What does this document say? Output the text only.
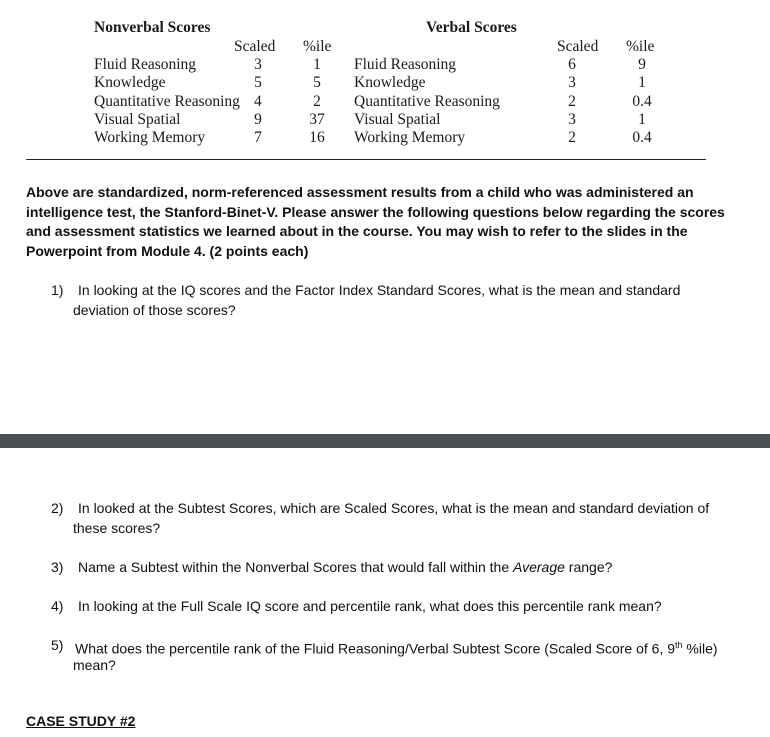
Nonverbal Scores	Verbal Scores
Scaled %ile	Scaled %ile
Fluid Reasoning	3	1
Knowledge	5	5
Quantitative Reasoning 4	2
Visual Spatial	9	37
Working Memory	7	16
Fluid Reasoning	6	9
Knowledge	3	1
Quantitative Reasoning	2	0.4
Visual Spatial	3	1
Working Memory	2	0.4
Above are standardized, norm-referenced assessment results from a child who was administered an
intelligence test, the Stanford-Binet-V. Please answer the following questions below regarding the scores
and assessment statistics we learned about in the course. You may wish to refer to the slides in the
Powerpoint from Module 4. (2 points each)
1) In looking at the IQ scores and the Factor Index Standard Scores, what is the mean and standard
deviation of those scores?
2) In looked at the Subtest Scores, which are Scaled Scores, what is the mean and standard deviation of
these scores?
3) Name a Subtest within the Nonverbal Scores that would fall within the Average range?
4) In looking at the Full Scale IQ score and percentile rank, what does this percentile rank mean?
5) What does the percentile rank of the Fluid Reasoning/Verbal Subtest Score (Scaled Score of 6, 9th %ile)
mean?
CASE STUDY #2
